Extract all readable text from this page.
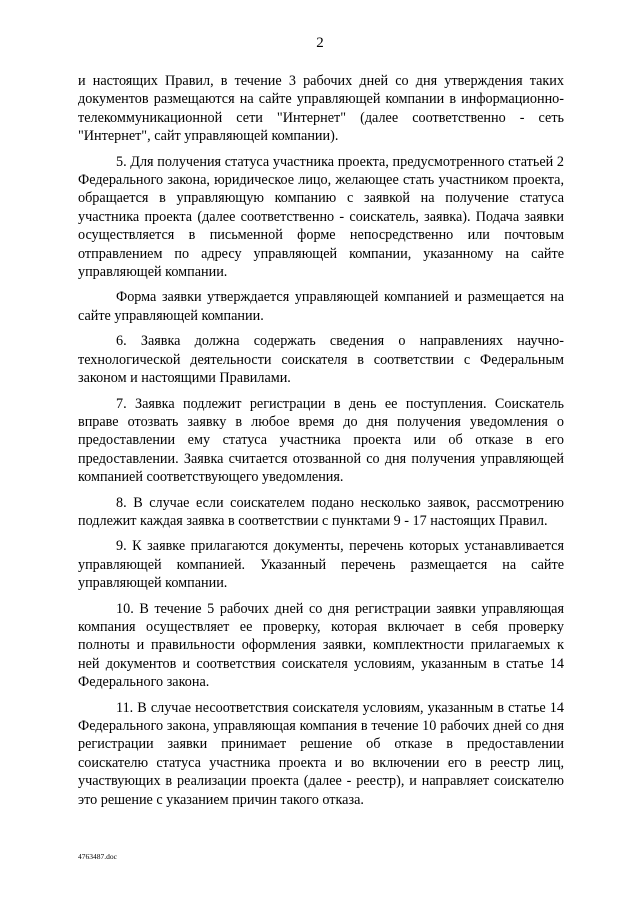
2

и настоящих Правил, в течение 3 рабочих дней со дня утверждения таких документов размещаются на сайте управляющей компании в информационно-телекоммуникационной сети "Интернет" (далее соответственно - сеть "Интернет", сайт управляющей компании).

5. Для получения статуса участника проекта, предусмотренного статьей 2 Федерального закона, юридическое лицо, желающее стать участником проекта, обращается в управляющую компанию с заявкой на получение статуса участника проекта (далее соответственно - соискатель, заявка). Подача заявки осуществляется в письменной форме непосредственно или почтовым отправлением по адресу управляющей компании, указанному на сайте управляющей компании.

Форма заявки утверждается управляющей компанией и размещается на сайте управляющей компании.

6. Заявка должна содержать сведения о направлениях научно-технологической деятельности соискателя в соответствии с Федеральным законом и настоящими Правилами.

7. Заявка подлежит регистрации в день ее поступления. Соискатель вправе отозвать заявку в любое время до дня получения уведомления о предоставлении ему статуса участника проекта или об отказе в его предоставлении. Заявка считается отозванной со дня получения управляющей компанией соответствующего уведомления.

8. В случае если соискателем подано несколько заявок, рассмотрению подлежит каждая заявка в соответствии с пунктами 9 - 17 настоящих Правил.

9. К заявке прилагаются документы, перечень которых устанавливается управляющей компанией. Указанный перечень размещается на сайте управляющей компании.

10. В течение 5 рабочих дней со дня регистрации заявки управляющая компания осуществляет ее проверку, которая включает в себя проверку полноты и правильности оформления заявки, комплектности прилагаемых к ней документов и соответствия соискателя условиям, указанным в статье 14 Федерального закона.

11. В случае несоответствия соискателя условиям, указанным в статье 14 Федерального закона, управляющая компания в течение 10 рабочих дней со дня регистрации заявки принимает решение об отказе в предоставлении соискателю статуса участника проекта и во включении его в реестр лиц, участвующих в реализации проекта (далее - реестр), и направляет соискателю это решение с указанием причин такого отказа.

4763487.doc
